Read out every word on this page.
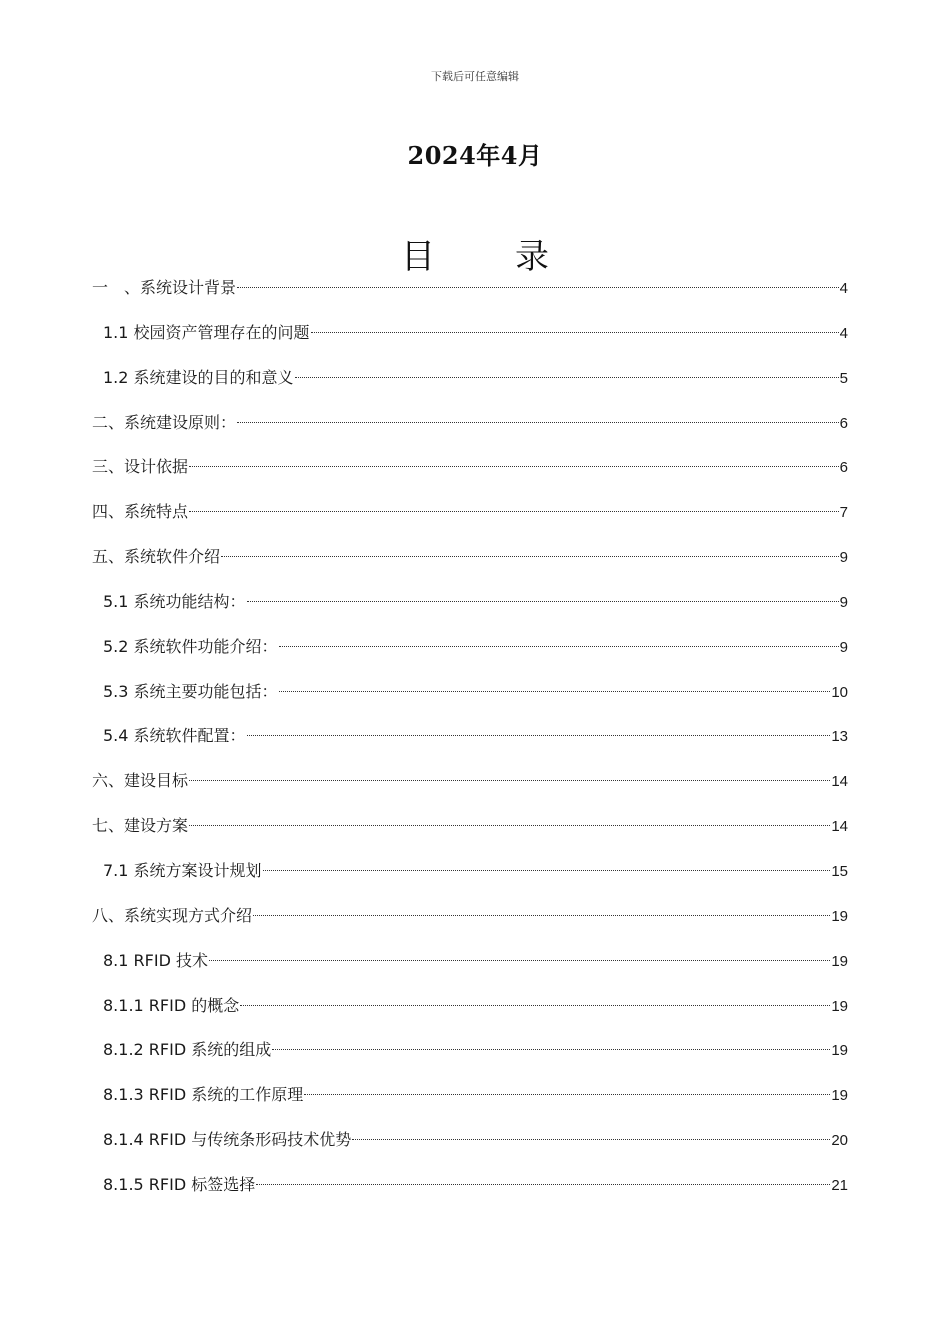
下载后可任意编辑
2024年4月
目 录
一　、系统设计背景	4
1.1 校园资产管理存在的问题	4
1.2 系统建设的目的和意义	5
二、系统建设原则：	6
三、设计依据	6
四、系统特点	7
五、系统软件介绍	9
5.1 系统功能结构：	9
5.2 系统软件功能介绍：	9
5.3 系统主要功能包括：	10
5.4 系统软件配置：	13
六、建设目标	14
七、建设方案	14
7.1 系统方案设计规划	15
八、系统实现方式介绍	19
8.1 RFID 技术	19
8.1.1 RFID 的概念	19
8.1.2 RFID 系统的组成	19
8.1.3 RFID 系统的工作原理	19
8.1.4 RFID 与传统条形码技术优势	20
8.1.5 RFID 标签选择	21
